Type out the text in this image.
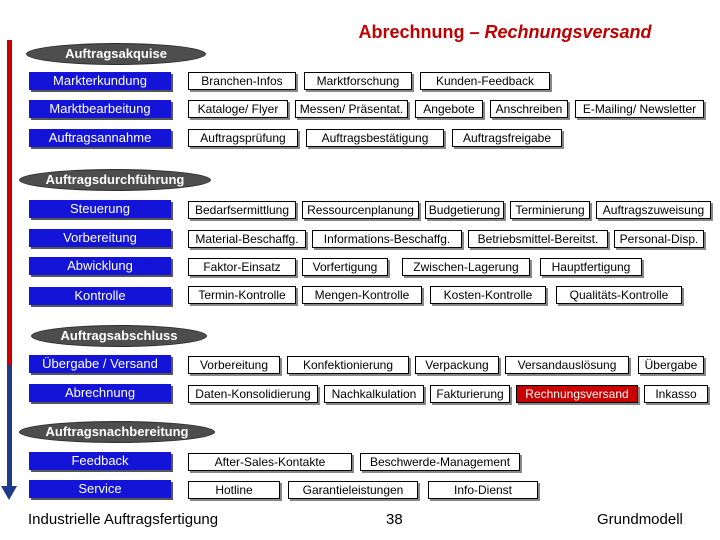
Abrechnung – Rechnungsversand
Auftragsakquise
Auftragsdurchführung
Auftragsabschluss
Auftragsnachbereitung
Markterkundung	Branchen-Infos	Marktforschung	Kunden-Feedback
Marktbearbeitung	Kataloge/ Flyer	Messen/ Präsentat.	Angebote	Anschreiben	E-Mailing/ Newsletter
Auftragsannahme	Auftragsprüfung	Auftragsbestätigung	Auftragsfreigabe
Steuerung	Bedarfsermittlung	Ressourcenplanung	Budgetierung	Terminierung	Auftragszuweisung
Vorbereitung	Material-Beschaffg.	Informations-Beschaffg.	Betriebsmittel-Bereitst.	Personal-Disp.
Abwicklung	Faktor-Einsatz	Vorfertigung	Zwischen-Lagerung	Hauptfertigung
Kontrolle	Termin-Kontrolle	Mengen-Kontrolle	Kosten-Kontrolle	Qualitäts-Kontrolle
Übergabe / Versand	Vorbereitung	Konfektionierung	Verpackung	Versandauslösung	Übergabe
Abrechnung	Daten-Konsolidierung	Nachkalkulation	Fakturierung	Rechnungsversand	Inkasso
Feedback	After-Sales-Kontakte	Beschwerde-Management
Service	Hotline	Garantieleistungen	Info-Dienst
Industrielle Auftragsfertigung	38	Grundmodell
